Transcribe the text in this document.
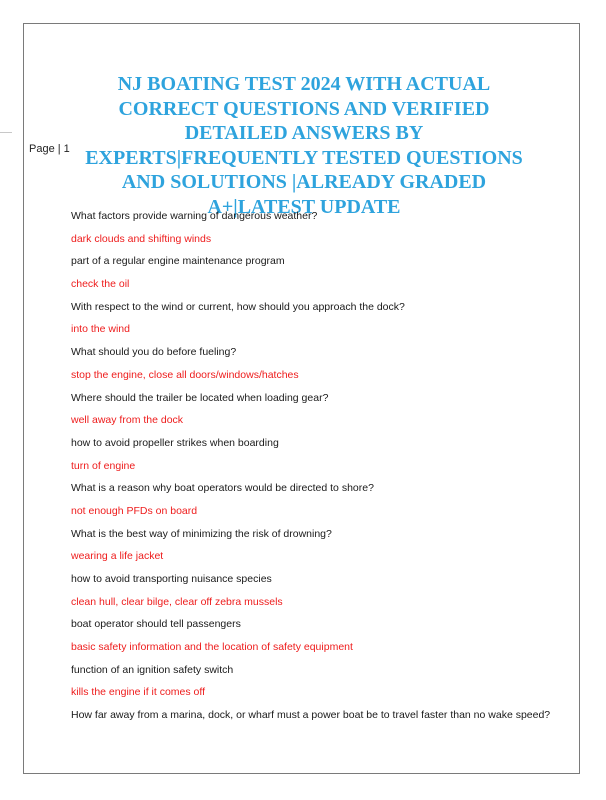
Page | 1
NJ BOATING TEST 2024 WITH ACTUAL CORRECT QUESTIONS AND VERIFIED DETAILED ANSWERS BY EXPERTS|FREQUENTLY TESTED QUESTIONS AND SOLUTIONS |ALREADY GRADED A+|LATEST UPDATE
What factors provide warning of dangerous weather?
dark clouds and shifting winds
part of a regular engine maintenance program
check the oil
With respect to the wind or current, how should you approach the dock?
into the wind
What should you do before fueling?
stop the engine, close all doors/windows/hatches
Where should the trailer be located when loading gear?
well away from the dock
how to avoid propeller strikes when boarding
turn of engine
What is a reason why boat operators would be directed to shore?
not enough PFDs on board
What is the best way of minimizing the risk of drowning?
wearing a life jacket
how to avoid transporting nuisance species
clean hull, clear bilge, clear off zebra mussels
boat operator should tell passengers
basic safety information and the location of safety equipment
function of an ignition safety switch
kills the engine if it comes off
How far away from a marina, dock, or wharf must a power boat be to travel faster than no wake speed?
